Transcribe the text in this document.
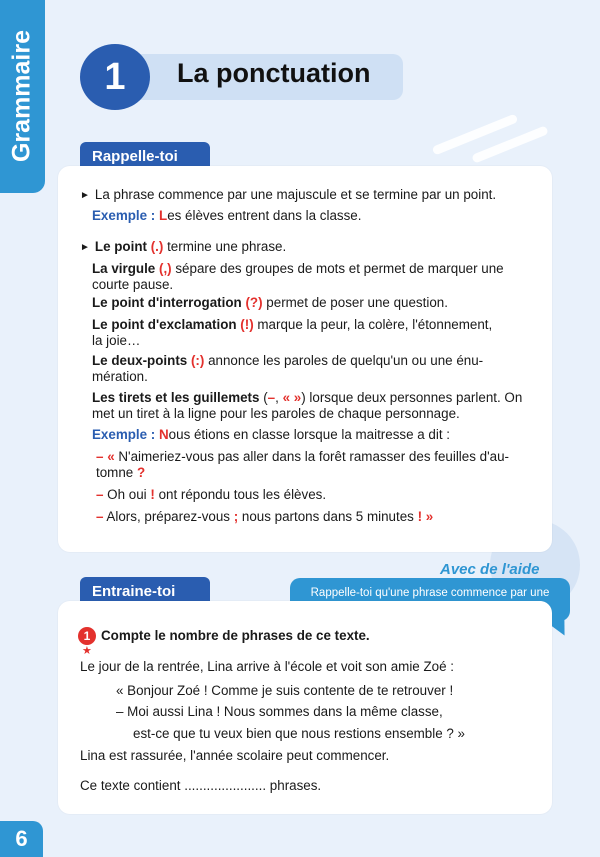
Grammaire
6
1	La ponctuation
Rappelle-toi
► La phrase commence par une majuscule et se termine par un point.
Exemple : Les élèves entrent dans la classe.
► Le point (.) termine une phrase.
La virgule (,) sépare des groupes de mots et permet de marquer une
courte pause.
Le point d'interrogation (?) permet de poser une question.
Le point d'exclamation (!) marque la peur, la colère, l'étonnement,
la joie…
Le deux-points (:) annonce les paroles de quelqu'un ou une énu-
mération.
Les tirets et les guillemets (–, « ») lorsque deux personnes parlent. On
met un tiret à la ligne pour les paroles de chaque personnage.
Exemple : Nous étions en classe lorsque la maitresse a dit :
– « N'aimeriez-vous pas aller dans la forêt ramasser des feuilles d'au-
tomne ?
– Oh oui ! ont répondu tous les élèves.
– Alors, préparez-vous ; nous partons dans 5 minutes ! »
Avec de l'aide
Rappelle-toi qu'une phrase commence par une
Entraine-toi
1
★
Compte le nombre de phrases de ce texte.
Le jour de la rentrée, Lina arrive à l'école et voit son amie Zoé :
« Bonjour Zoé ! Comme je suis contente de te retrouver !
– Moi aussi Lina ! Nous sommes dans la même classe,
est-ce que tu veux bien que nous restions ensemble ? »
Lina est rassurée, l'année scolaire peut commencer.
Ce texte contient ...................... phrases.
